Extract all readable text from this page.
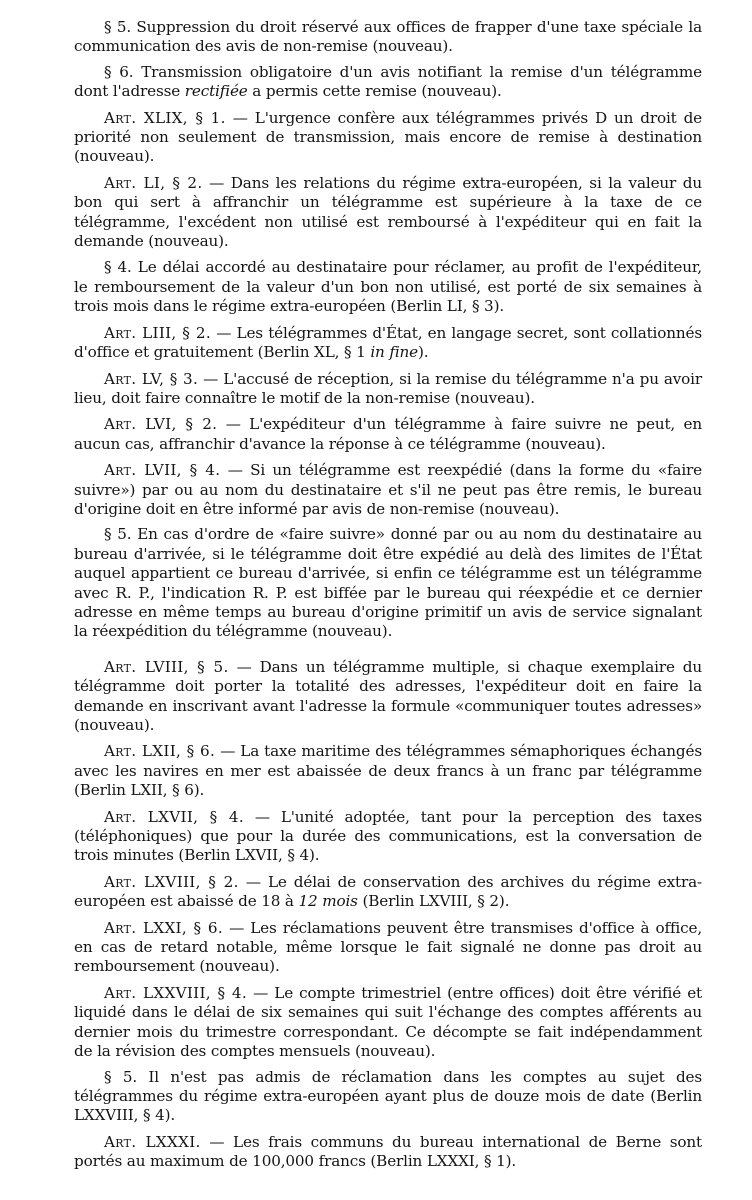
§ 5. Suppression du droit réservé aux offices de frapper d'une taxe spéciale la communication des avis de non-remise (nouveau).

§ 6. Transmission obligatoire d'un avis notifiant la remise d'un télégramme dont l'adresse rectifiée a permis cette remise (nouveau).

Art. XLIX, § 1. — L'urgence confère aux télégrammes privés D un droit de priorité non seulement de transmission, mais encore de remise à destination (nouveau).

Art. LI, § 2. — Dans les relations du régime extra-européen, si la valeur du bon qui sert à affranchir un télégramme est supérieure à la taxe de ce télégramme, l'excédent non utilisé est remboursé à l'expéditeur qui en fait la demande (nouveau).

§ 4. Le délai accordé au destinataire pour réclamer, au profit de l'expéditeur, le remboursement de la valeur d'un bon non utilisé, est porté de six semaines à trois mois dans le régime extra-européen (Berlin LI, § 3).

Art. LIII, § 2. — Les télégrammes d'État, en langage secret, sont collationnés d'office et gratuitement (Berlin XL, § 1 in fine).

Art. LV, § 3. — L'accusé de réception, si la remise du télégramme n'a pu avoir lieu, doit faire connaître le motif de la non-remise (nouveau).

Art. LVI, § 2. — L'expéditeur d'un télégramme à faire suivre ne peut, en aucun cas, affranchir d'avance la réponse à ce télégramme (nouveau).

Art. LVII, § 4. — Si un télégramme est reexpédié (dans la forme du «faire suivre») par ou au nom du destinataire et s'il ne peut pas être remis, le bureau d'origine doit en être informé par avis de non-remise (nouveau).

§ 5. En cas d'ordre de «faire suivre» donné par ou au nom du destinataire au bureau d'arrivée, si le télégramme doit être expédié au delà des limites de l'État auquel appartient ce bureau d'arrivée, si enfin ce télégramme est un télégramme avec R. P., l'indication R. P. est biffée par le bureau qui réexpédie et ce dernier adresse en même temps au bureau d'origine primitif un avis de service signalant la réexpédition du télégramme (nouveau).

Art. LVIII, § 5. — Dans un télégramme multiple, si chaque exemplaire du télégramme doit porter la totalité des adresses, l'expéditeur doit en faire la demande en inscrivant avant l'adresse la formule «communiquer toutes adresses» (nouveau).

Art. LXII, § 6. — La taxe maritime des télégrammes sémaphoriques échangés avec les navires en mer est abaissée de deux francs à un franc par télégramme (Berlin LXII, § 6).

Art. LXVII, § 4. — L'unité adoptée, tant pour la perception des taxes (téléphoniques) que pour la durée des communications, est la conversation de trois minutes (Berlin LXVII, § 4).

Art. LXVIII, § 2. — Le délai de conservation des archives du régime extra-européen est abaissé de 18 à 12 mois (Berlin LXVIII, § 2).

Art. LXXI, § 6. — Les réclamations peuvent être transmises d'office à office, en cas de retard notable, même lorsque le fait signalé ne donne pas droit au remboursement (nouveau).

Art. LXXVIII, § 4. — Le compte trimestriel (entre offices) doit être vérifié et liquidé dans le délai de six semaines qui suit l'échange des comptes afférents au dernier mois du trimestre correspondant. Ce décompte se fait indépendamment de la révision des comptes mensuels (nouveau).

§ 5. Il n'est pas admis de réclamation dans les comptes au sujet des télégrammes du régime extra-européen ayant plus de douze mois de date (Berlin LXXVIII, § 4).

Art. LXXXI. — Les frais communs du bureau international de Berne sont portés au maximum de 100,000 francs (Berlin LXXXI, § 1).
